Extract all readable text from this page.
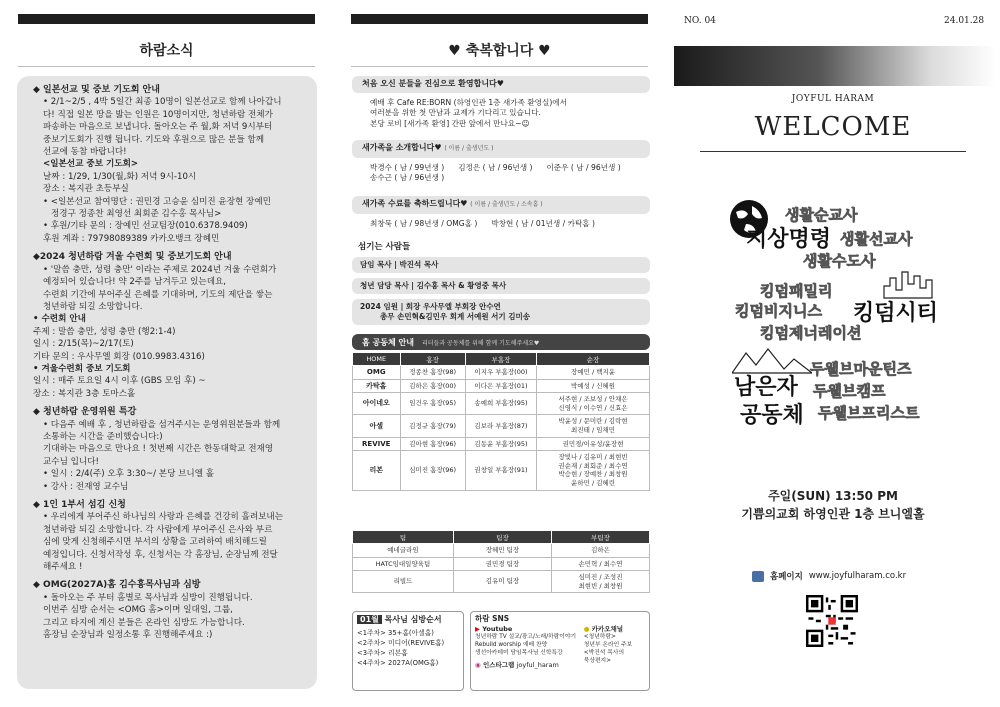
하람소식
◆ 일본선교 및 중보 기도회 안내
• 2/1~2/5 , 4박 5일간 최종 10명이 일본선교로 함께 나아갑니
다! 직접 일본 땅을 밟는 인원은 10명이지만, 청년하람 전체가
파송하는 마음으로 보냅니다. 돌아오는 주 월,화 저녁 9시부터
중보기도회가 진행 됩니다. 기도와 후원으로 많은 분들 함께
선교에 동참 바랍니다!
<일본선교 중보 기도회>
날짜 : 1/29, 1/30(월,화) 저녁 9시-10시
장소 : 복지관 초등부실
• <일본선교 참여명단 : 권민경 고승윤 심미진 윤장현 장예민
정경구 정종찬 최영선 최회준 김수홍 목사님>
• 후원/기타 문의 : 장예민 선교팀장(010.6378.9409)
후원 계좌 : 79798089389 카카오뱅크 장혜민
◆2024 청년하람 겨울 수련회 및 중보기도회 안내
• '말씀 충만, 성령 충만' 이라는 주제로 2024년 겨울 수련회가
예정되어 있습니다! 약 2주를 남겨두고 있는데요,
수련회 기간에 부어주실 은혜를 기대하며, 기도의 제단을 쌓는
청년하람 되길 소망합니다.
• 수련회 안내
주제 : 말씀 충만, 성령 충만 (행2:1-4)
일시 : 2/15(목)~2/17(토)
기타 문의 : 우사무엘 회장 (010.9983.4316)
• 겨울수련회 중보 기도회
일시 : 매주 토요일 4시 이후 (GBS 모임 후) ~
장소 : 복지관 3층 토마스홀
◆ 청년하람 운영위원 특강
• 다음주 예배 후 , 청년하람을 섬겨주시는 운영위원분들과 함께
소통하는 시간을 준비했습니다:)
기대하는 마음으로 만나요 ! 첫번째 시간은 한동대학교 전재영
교수님 입니다!
• 일시 : 2/4(주) 오후 3:30~/ 본당 브니엘 홀
• 강사 : 전재영 교수님
◆ 1인 1부서 섬김 신청
• 우리에게 부어주신 하나님의 사랑과 은혜를 건강히 흘려보내는
청년하람 되길 소망합니다. 각 사람에게 부어주신 은사와 부르
심에 맞게 신청해주시면 부서의 상황을 고려하여 배치해드릴
예정입니다. 신청서작성 후, 신청서는 각 홈장님, 순장님께 전달
해주세요 !
◆ OMG(2027A)홈 김수홍목사님과 심방
• 돌아오는 주 부터 홈별로 목사님과 심방이 진행됩니다.
이번주 심방 순서는 <OMG 홈>이며 일대일, 그룹,
그리고 타지에 계신 분들은 온라인 심방도 가능합니다.
홈장님 순장님과 일정소통 후 진행해주세요 :)
♥ 축복합니다 ♥
처음 오신 분들을 진심으로 환영합니다♥
예배 후 Cafe RE:BORN (하영인관 1층 새가족 환영실)에서
여러분을 위한 첫 만남과 교제가 기다리고 있습니다.
본당 로비 [새가족 환영] 간판 앞에서 만나요~☺
새가족을 소개합니다♥ ( 이름 / 출생년도 )
박경수 ( 남 / 99년생 ) 김정은 ( 남 / 96년생 ) 이준우 ( 남 / 96년생 )
송수근 ( 남 / 96년생 )
새가족 수료를 축하드립니다♥ ( 이름 / 출생년도 / 소속홈 )
최창묵 ( 남 / 98년생 / OMG홈 ) 박창현 ( 남 / 01년생 / 카탁홈 )
섬기는 사람들
담임 목사 | 박진석 목사
청년 담당 목사 | 김수홍 목사 & 황영중 목사
2024 임원 | 회장 우사무엘 부회장 안수연
총무 손민혁&김민우 회계 서예원 서기 김미송
홈 공동체 안내 리더들과 공동체를 위해 함께 기도해주세요♥
HOME	홈장	부홈장	순장
OMG	정종찬 홈장(98)	이지우 부홈장(00)	장예민 / 백지윤
카탁홈	김하은 홈장(00)	이다은 부홈장(01)	박예성 / 신혜원
아이네오	임건우 홈장(95)	송예희 부홈장(95)	서주현 / 조보성 / 안채은
신영식 / 이수연 / 신효은
아셀	김정규 홈장(79)	김보라 부홈장(87)	박윤성 / 문미란 / 김락현
최진태 / 임채민
REVIVE	김아현 홈장(96)	김동윤 부홈장(95)	권민경/이유성/윤장현
리본	심미진 홈장(96)	권창일 부홈장(91)	장빛나 / 김유미 / 최현빈
권순재 / 최회준 / 최수연
박승현 / 장예찬 / 최창원
윤하민 / 김혜린
팀	팀장	부팀장
예네글라임	장혜민 팀장	김하은
HATC임대일양육팀	권민경 팀장	손민혁 / 최수연
리빌드	김유미 팀장	심미진 / 조성진
최현빈 / 최창원
01월 목사님 심방순서
<1주차> 35+홈(아셀홈)
<2주차> 미디어(REVIVE홈)
<3주차> 리본홈
<4주차> 2027A(OMG홈)
하람 SNS
▶ Youtube
청년하람 TV 설교/광고/노래/하람이야기
Rebuild worship 예배 찬양
생선아카데미 담임목사님 신학특강
◉ 인스타그램 joyful_haram
● 카카오채널
<청년하람>
청년부 온라인 주보
<박진석 목사의
묵상편지>
NO. 04	24.01.28
JOYFUL HARAM
WELCOME
생활순교사
지상명령 생활선교사
생활수도사
킹덤패밀리
킹덤비지니스 킹덤시티
킹덤제너레이션
두웰브마운틴즈
남은자 두웰브캠프
공동체 두웰브프리스트
주일(SUN) 13:50 PM
기쁨의교회 하영인관 1층 브니엘홀
홈페이지 www.joyfulharam.co.kr
